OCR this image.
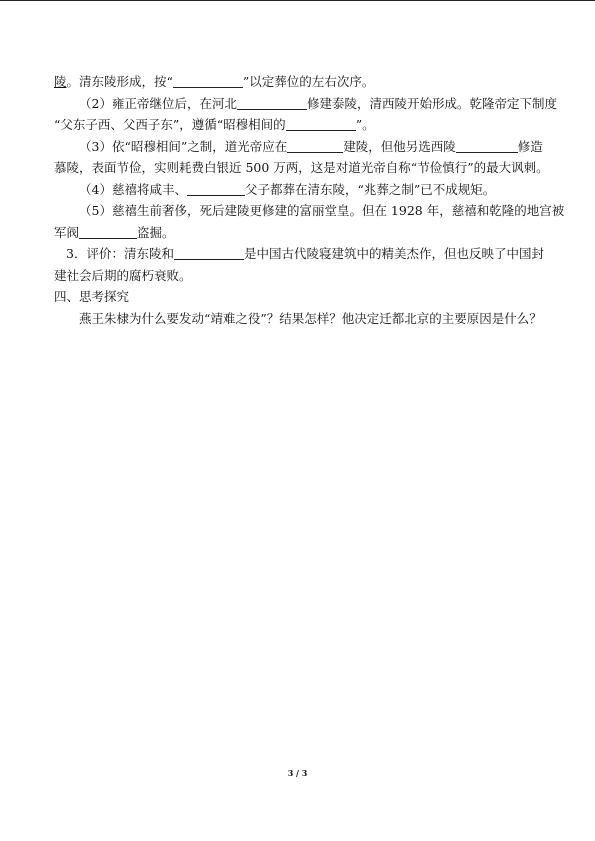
陵。清东陵形成，按“	”以定葬位的左右次序。
（2）雍正帝继位后，在河北	修建泰陵，清西陵开始形成。乾隆帝定下制度
“父东子西、父西子东”，遵循“昭穆相间的	”。
（3）依“昭穆相间”之制，道光帝应在	建陵，但他另选西陵	修造
慕陵，表面节俭，实则耗费白银近 500 万两，这是对道光帝自称“节俭慎行”的最大讽刺。
（4）慈禧将咸丰、	父子都葬在清东陵，“兆葬之制”已不成规矩。
（5）慈禧生前奢侈，死后建陵更修建的富丽堂皇。但在 1928 年，慈禧和乾隆的地宫被
军阀	盗掘。
3．评价：清东陵和	是中国古代陵寝建筑中的精美杰作，但也反映了中国封
建社会后期的腐朽衰败。
四、思考探究
燕王朱棣为什么要发动“靖难之役”？结果怎样？他决定迁都北京的主要原因是什么？
3 / 3
